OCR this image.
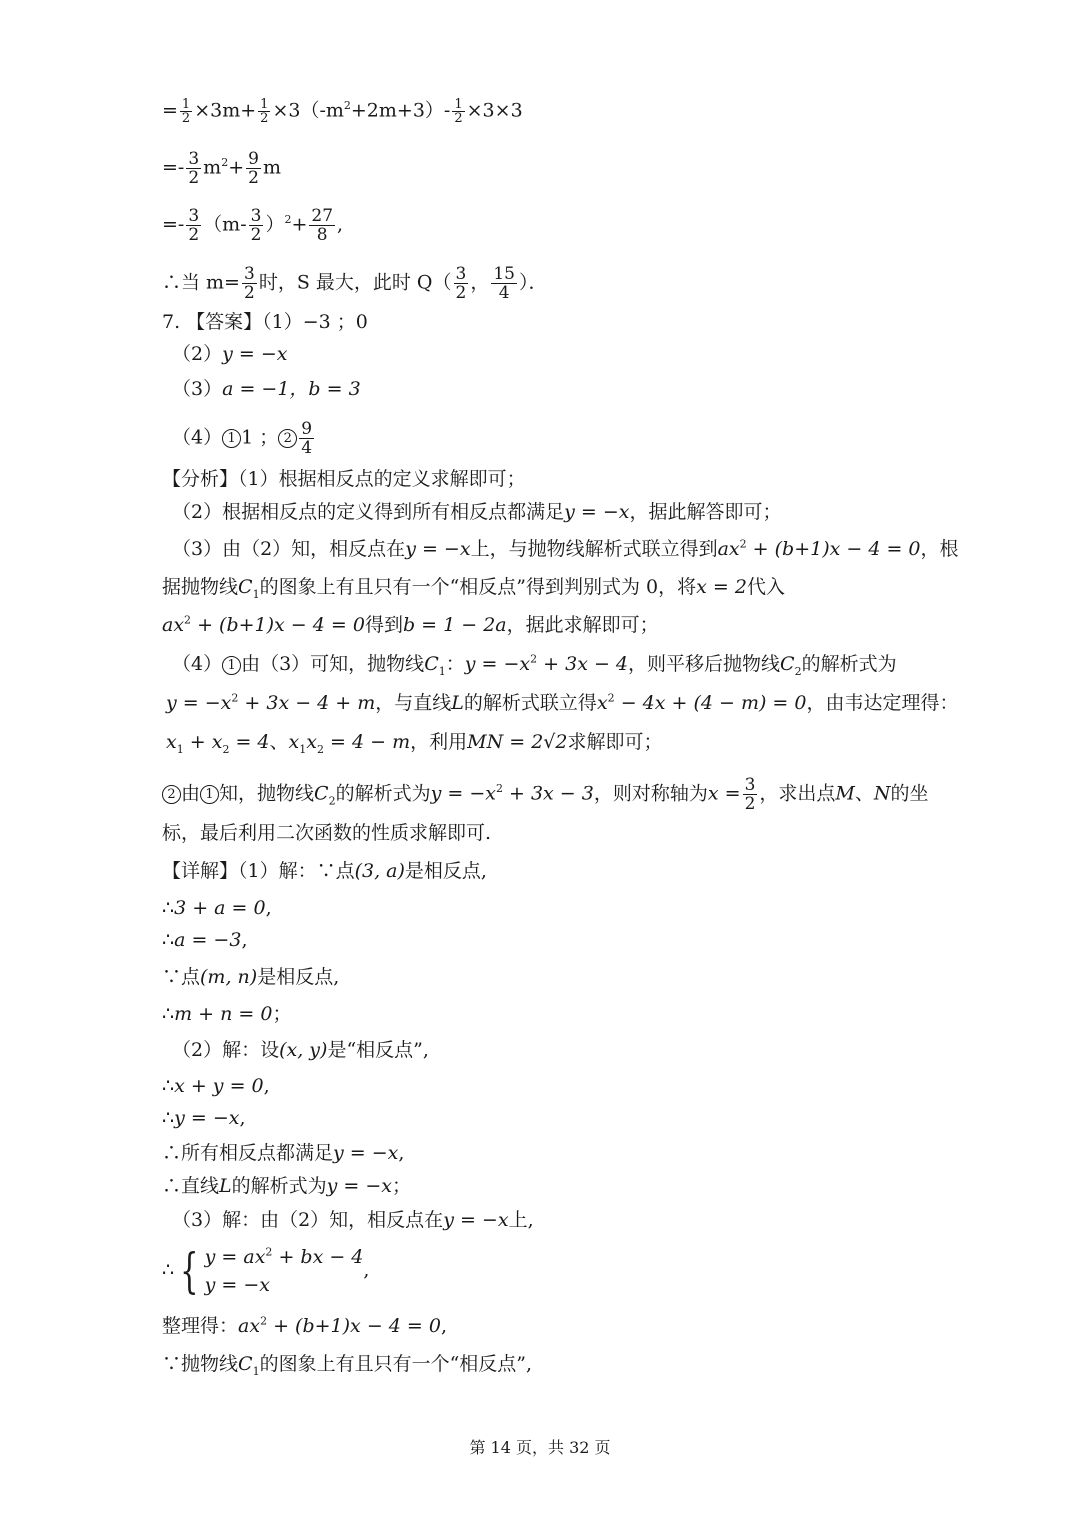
= $\frac{1}{2} \times 3m+ \frac{1}{2} \times 3(-m^2+2m+3)- \frac{1}{2} \times 3\times 3$
=- $\frac{3}{2} m^2+ \frac{9}{2}$ m
=- $\frac{3}{2} (m- \frac{3}{2} )^2+ \frac{27}{8}$ ,
∴当 $m= \frac{3}{2}$ 时，S 最大，此时 $Q( \frac{3}{2}$ ， $\frac{15}{4}$ ）．
7. 【答案】（1）−3 ；0
（2）y = −x
（3）a = −1，b = 3
（4） 1 1 ； $2 \frac{9}{4}$
【分析】（1）根据相反点的定义求解即可；
（2）根据相反点的定义得到所有相反点都满足y = −x，据此解答即可；
（3）由（2）知，相反点在y = −x上，与抛物线解析式联立得到$ax^2 + (b+1)x - 4 = 0$，根
据抛物线$C_1$的图象上有且只有一个“相反点”得到判别式为 0，将x = 2代入
$ax^2 + (b+1)x - 4 = 0$得到b = 1 − 2a，据此求解即可；
（4） 1 由（3）可知，抛物线$C_1$：$y = -x^2 + 3x - 4$，则平移后抛物线$C_2$的解析式为
$y = -x^2 + 3x - 4 + m$，与直线L的解析式联立得$x^2 - 4x + (4 - m) = 0$，由韦达定理得：
$x_1 + x_2 = 4$、$x_1x_2 = 4 - m$，利用MN = 2√2求解即可；
2 由 1 知，抛物线$C_2$的解析式为$y = -x^2 + 3x - 3$，则对称轴为$x = \frac{3}{2}$ ，求出点M、N的坐
标，最后利用二次函数的性质求解即可.
【详解】（1）解：∵点(3, a)是相反点,
∴3 + a = 0,
∴a = −3,
∵点(m, n)是相反点,
∴m + n = 0；
（2）解：设(x, y)是“相反点”,
∴x + y = 0,
∴y = −x,
∴所有相反点都满足y = −x,
∴直线L的解析式为y = −x；
（3）解：由（2）知，相反点在y = −x上,
∴ { $y = ax^2$ + bx − 4
y = −x
,
整理得：$ax^2 + (b+1)x - 4 = 0$,
∵抛物线$C_1$的图象上有且只有一个“相反点”,
第 14 页，共 32 页
